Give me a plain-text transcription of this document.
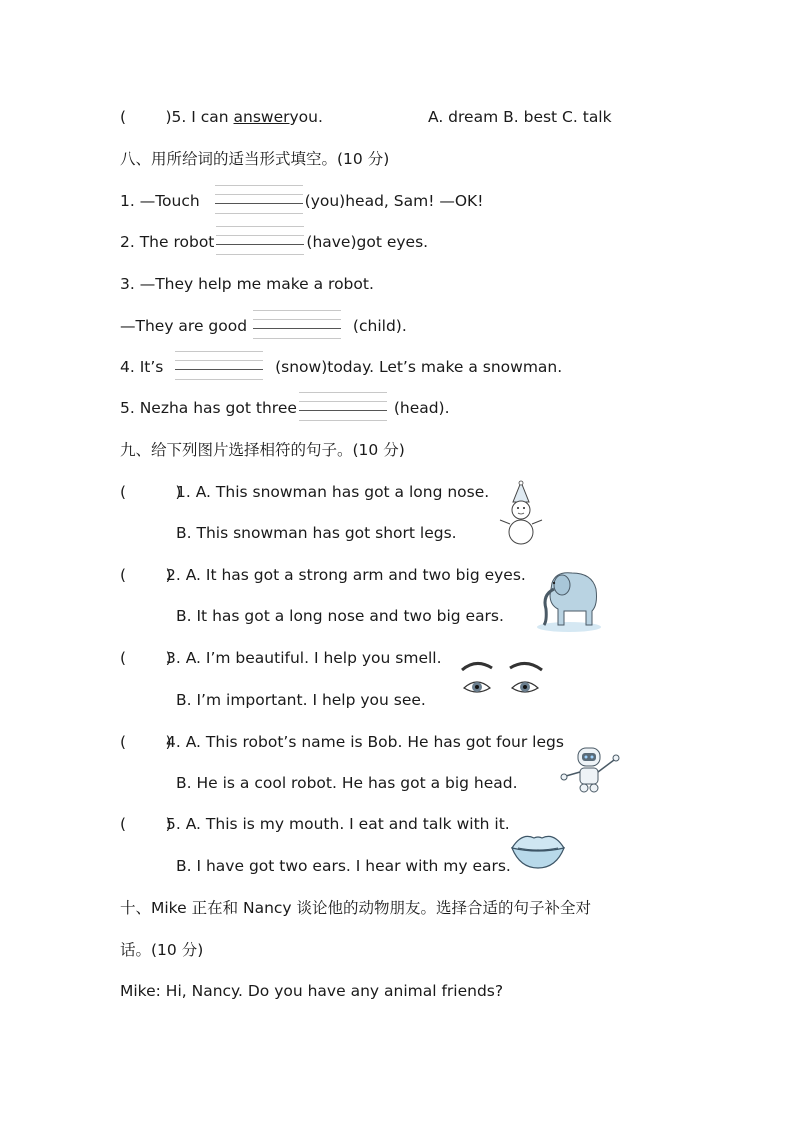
(        ) 5. I can answer you.	A. dream B. best C. talk
八、用所给词的适当形式填空。(10 分)
1. —Touch	(you)head, Sam! —OK!
2. The robot	(have)got eyes.
3. —They help me make a robot.
—They are good	(child).
4. It’s	(snow)today. Let’s make a snowman.
5. Nezha has got three	(head).
九、给下列图片选择相符的句子。(10 分)
(          )
1. A. This snowman has got a long nose.
B. This snowman has got short legs.
(        )
2. A. It has got a strong arm and two big eyes.
B. It has got a long nose and two big ears.
(        )
3. A. I’m beautiful. I help you smell.
B. I’m important. I help you see.
(        )
4. A. This robot’s name is Bob. He has got four legs
B. He is a cool robot. He has got a big head.
(        )
5. A. This is my mouth. I eat and talk with it.
B. I have got two ears. I hear with my ears.
十、Mike 正在和 Nancy 谈论他的动物朋友。选择合适的句子补全对
话。(10 分)
Mike: Hi, Nancy. Do you have any animal friends?
